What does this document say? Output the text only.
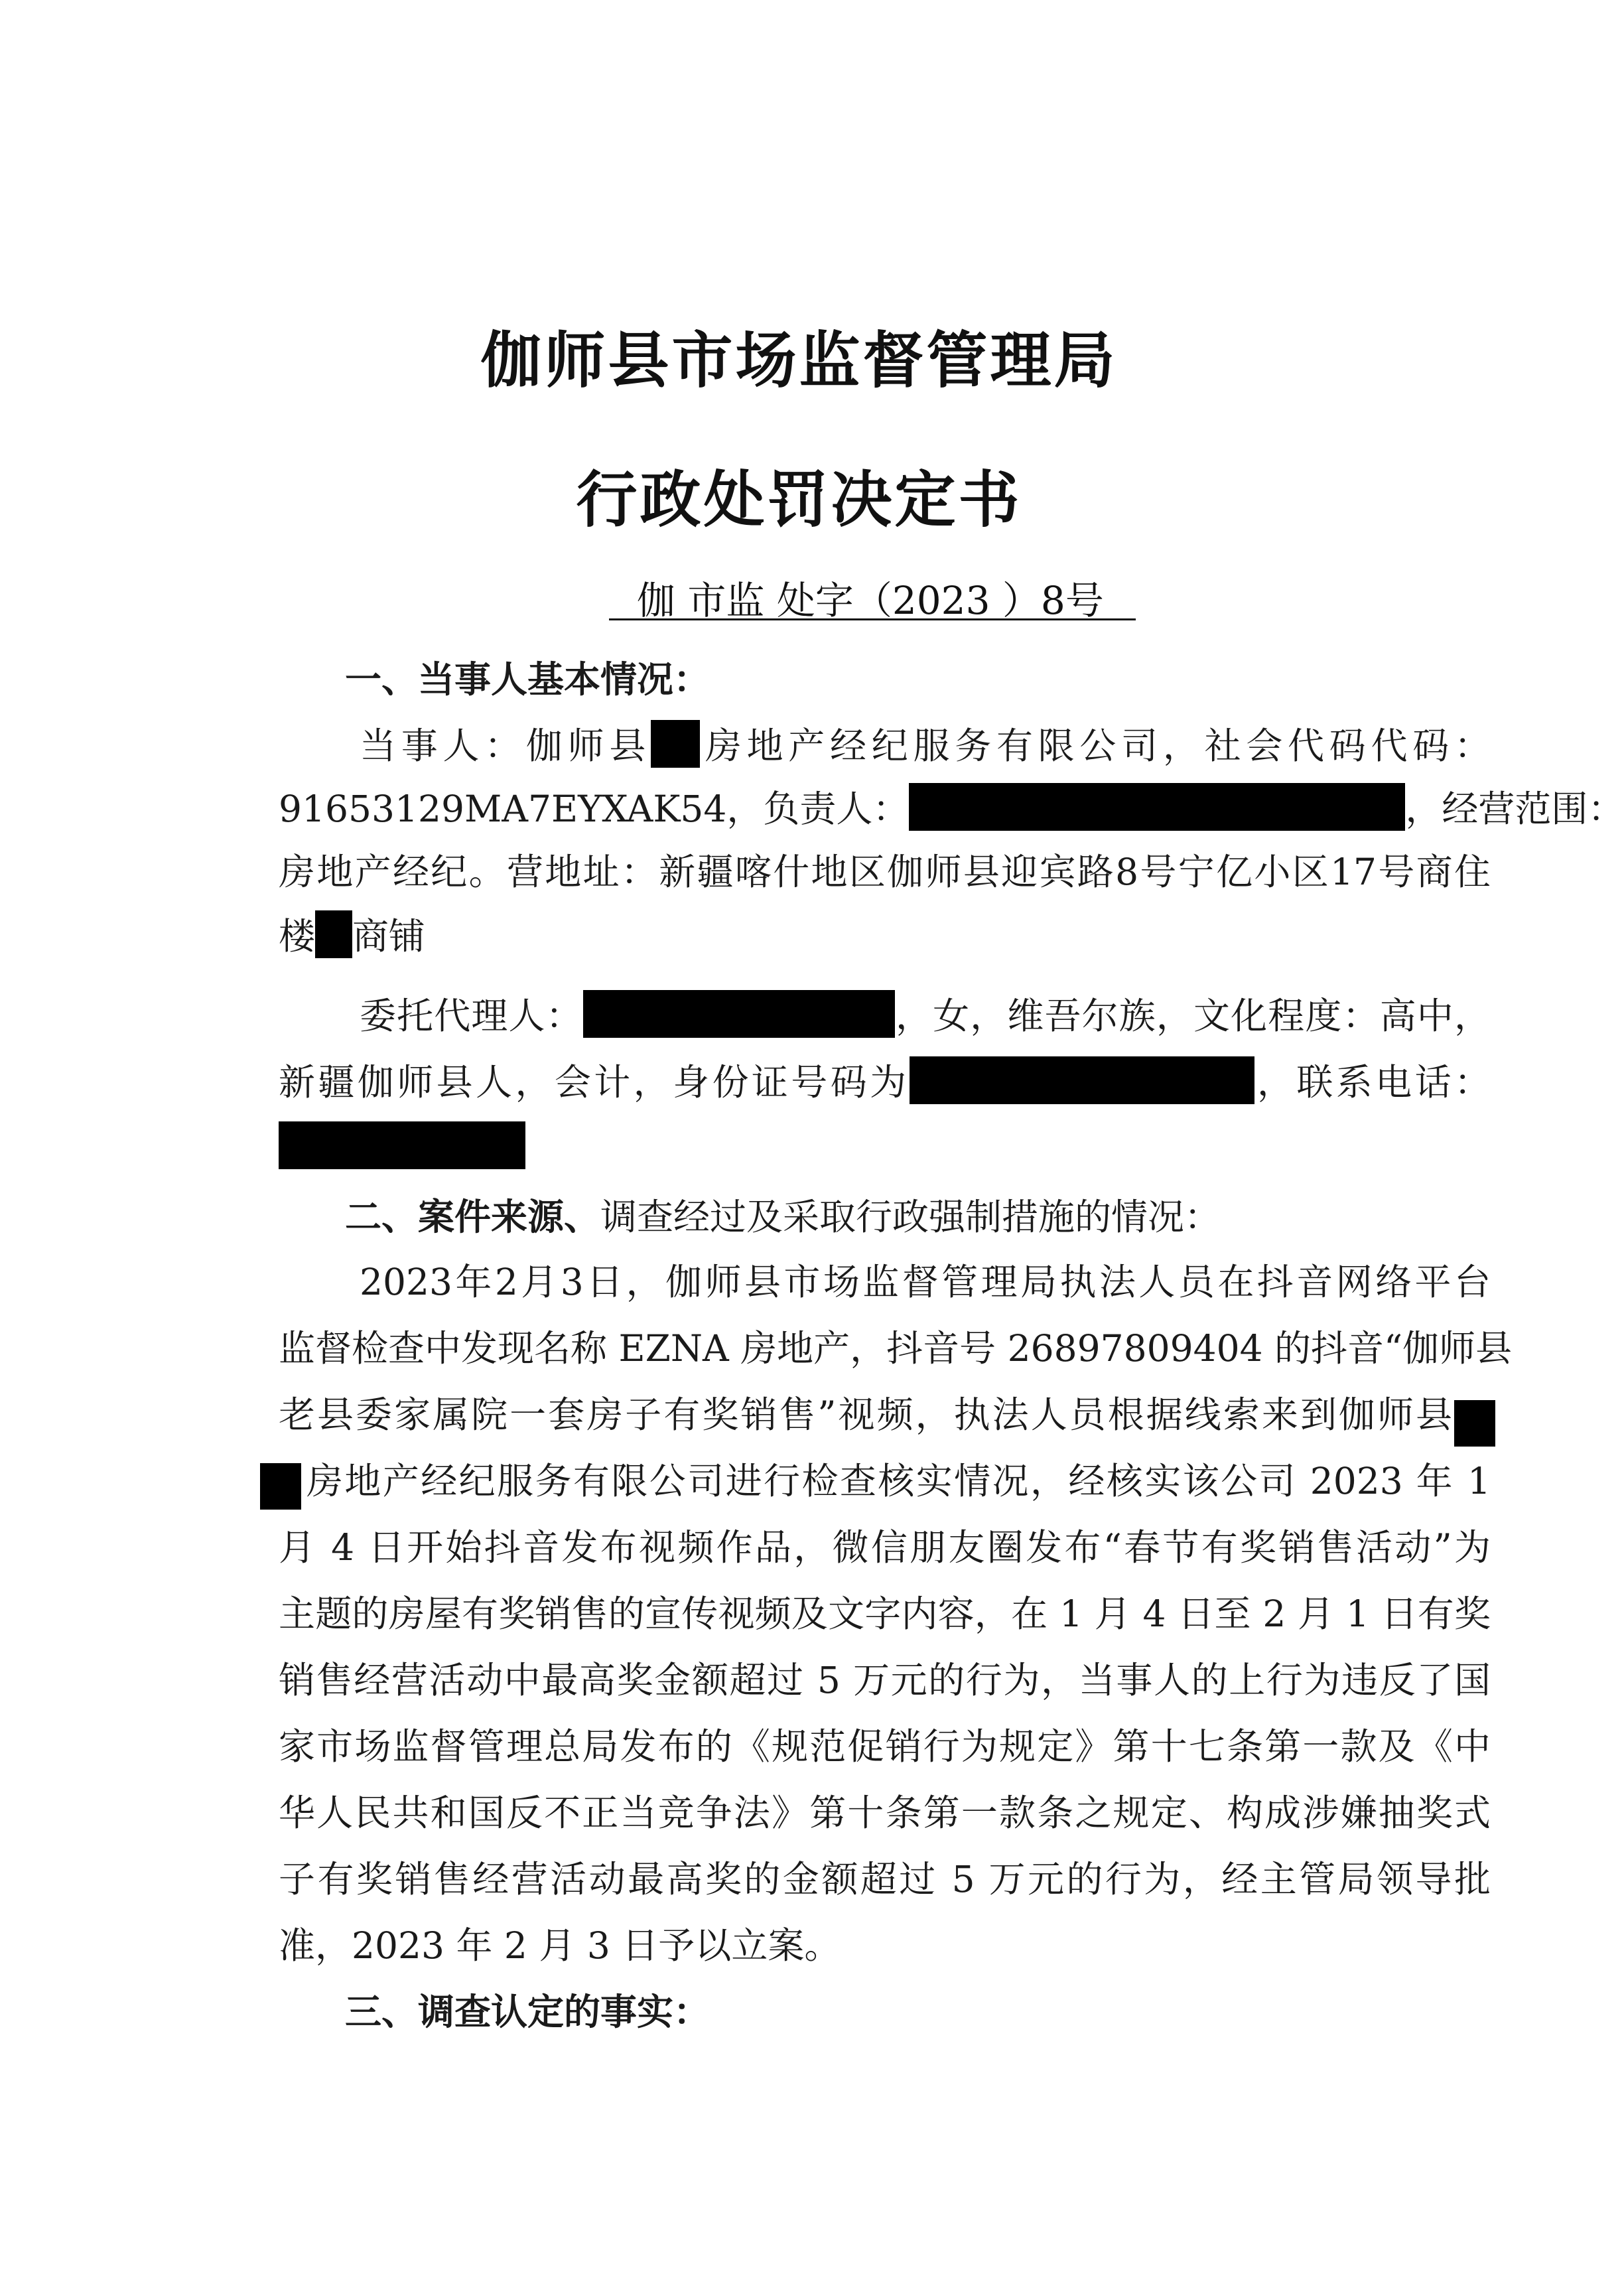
伽师县市场监督管理局
行政处罚决定书
伽 市监 处字（2023 ）8号
一、当事人基本情况：
当事人：伽师县 房地产经纪服务有限公司，社会代码代码：
91653129MA7EYXAK54，负责人：	，经营范围：
房地产经纪。营地址：新疆喀什地区伽师县迎宾路8号宁亿小区17号商住
楼 商铺
委托代理人：	，女，维吾尔族，文化程度：高中，
新疆伽师县人，会计，身份证号码为	，联系电话：
二、案件来源、调查经过及采取行政强制措施的情况：
2023年2月3日，伽师县市场监督管理局执法人员在抖音网络平台
监督检查中发现名称 EZNA 房地产，抖音号 26897809404 的抖音“伽师县
老县委家属院一套房子有奖销售”视频，执法人员根据线索来到伽师县
房地产经纪服务有限公司进行检查核实情况，经核实该公司 2023 年 1
月 4 日开始抖音发布视频作品，微信朋友圈发布“春节有奖销售活动”为
主题的房屋有奖销售的宣传视频及文字内容，在 1 月 4 日至 2 月 1 日有奖
销售经营活动中最高奖金额超过 5 万元的行为，当事人的上行为违反了国
家市场监督管理总局发布的《规范促销行为规定》第十七条第一款及《中
华人民共和国反不正当竞争法》第十条第一款条之规定、构成涉嫌抽奖式
子有奖销售经营活动最高奖的金额超过 5 万元的行为，经主管局领导批
准，2023 年 2 月 3 日予以立案。
三、调查认定的事实：
